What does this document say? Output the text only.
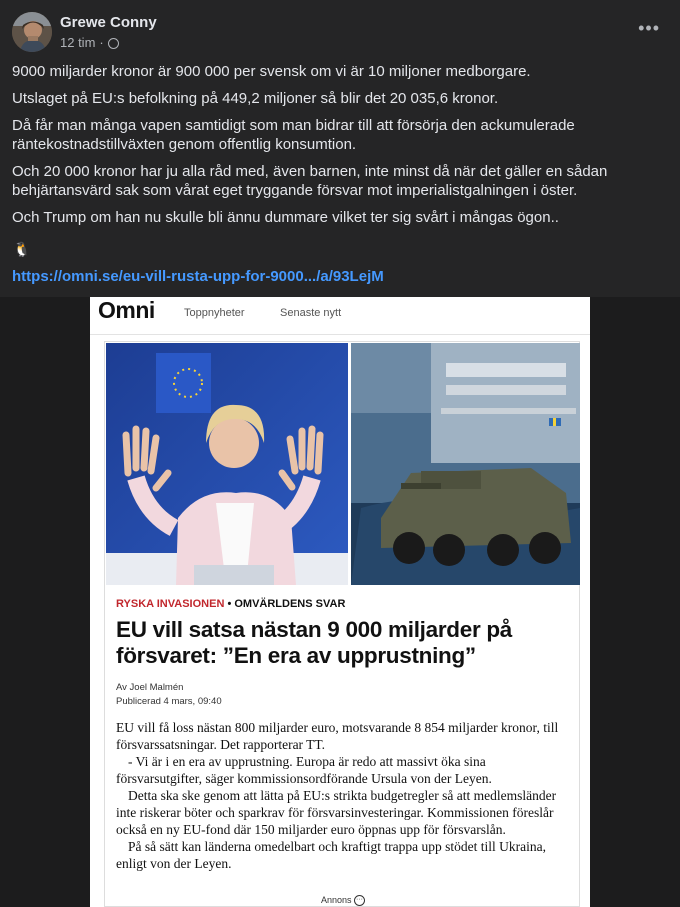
Grewe Conny
12 tim ·
•••

9000 miljarder kronor är 900 000 per svensk om vi är 10 miljoner medborgare.

Utslaget på EU:s befolkning på 449,2 miljoner så blir det 20 035,6 kronor.

Då får man många vapen samtidigt som man bidrar till att försörja den ackumulerade räntekostnadstillväxten genom offentlig konsumtion.

Och 20 000 kronor har ju alla råd med, även barnen, inte minst då när det gäller en sådan behjärtansvärd sak som vårat eget tryggande försvar mot imperialistgalningen i öster.

Och Trump om han nu skulle bli ännu dummare vilket ter sig svårt i mångas ögon..

🐧
https://omni.se/eu-vill-rusta-upp-for-9000.../a/93LejM
Omni	Toppnyheter	Senaste nytt
RYSKA INVASIONEN • OMVÄRLDENS SVAR
EU vill satsa nästan 9 000 miljarder på försvaret: ”En era av upprustning”
Av Joel Malmén
Publicerad 4 mars, 09:40

EU vill få loss nästan 800 miljarder euro, motsvarande 8 854 miljarder kronor, till försvarssatsningar. Det rapporterar TT.

- Vi är i en era av upprustning. Europa är redo att massivt öka sina försvarsutgifter, säger kommissionsordförande Ursula von der Leyen.

Detta ska ske genom att lätta på EU:s strikta budgetregler så att medlemsländer inte riskerar böter och sparkrav för försvarsinvesteringar. Kommissionen föreslår också en ny EU-fond där 150 miljarder euro öppnas upp för försvarslån.

På så sätt kan länderna omedelbart och kraftigt trappa upp stödet till Ukraina, enligt von der Leyen.

Annons ···
